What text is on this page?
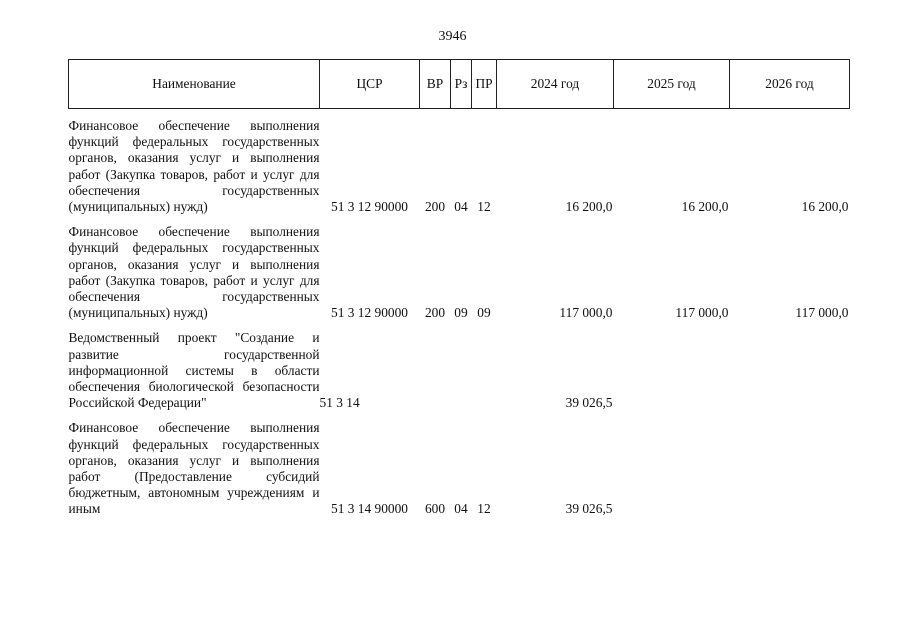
3946
Наименование	ЦСР	ВР	Рз	ПР	2024 год	2025 год	2026 год
Финансовое обеспечение выполнения функций федеральных государственных органов, оказания услуг и выполнения работ (Закупка товаров, работ и услуг для обеспечения государственных (муниципальных) нужд)	51 3 12 90000	200	04	12	16 200,0	16 200,0	16 200,0
Финансовое обеспечение выполнения функций федеральных государственных органов, оказания услуг и выполнения работ (Закупка товаров, работ и услуг для обеспечения государственных (муниципальных) нужд)	51 3 12 90000	200	09	09	117 000,0	117 000,0	117 000,0
Ведомственный проект "Создание и развитие государственной информационной системы в области обеспечения биологической безопасности Российской Федерации"	51 3 14				39 026,5		
Финансовое обеспечение выполнения функций федеральных государственных органов, оказания услуг и выполнения работ (Предоставление субсидий бюджетным, автономным учреждениям и иным	51 3 14 90000	600	04	12	39 026,5		
